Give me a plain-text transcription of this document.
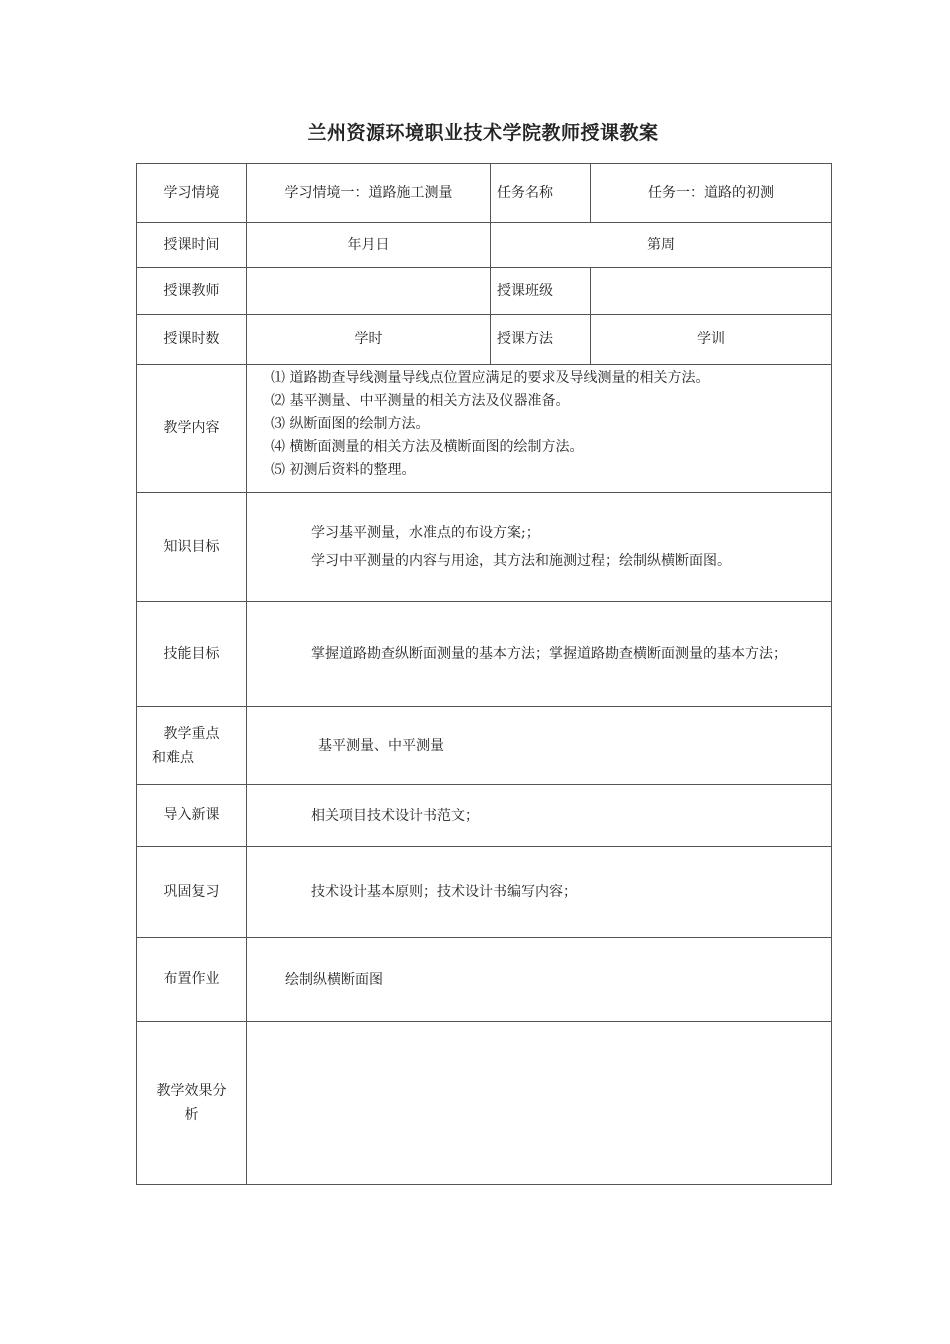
兰州资源环境职业技术学院教师授课教案
学习情境	学习情境一：道路施工测量	任务名称	任务一：道路的初测
授课时间	年月日	第周	
授课教师		授课班级	
授课时数	学时	授课方法	学训
教学内容	⑴ 道路勘查导线测量导线点位置应满足的要求及导线测量的相关方法。
⑵ 基平测量、中平测量的相关方法及仪器准备。
⑶ 纵断面图的绘制方法。
⑷ 横断面测量的相关方法及横断面图的绘制方法。
⑸ 初测后资料的整理。		

知识目标	学习基平测量，水准点的布设方案;；
学习中平测量的内容与用途，其方法和施测过程；绘制纵横断面图。		

技能目标	掌握道路勘查纵断面测量的基本方法；掌握道路勘查横断面测量的基本方法；		

教学重点
和难点	基平测量、中平测量		
导入新课	相关项目技术设计书范文；		
巩固复习	技术设计基本原则；技术设计书编写内容；		
布置作业	绘制纵横断面图		

教学效果分
析			
